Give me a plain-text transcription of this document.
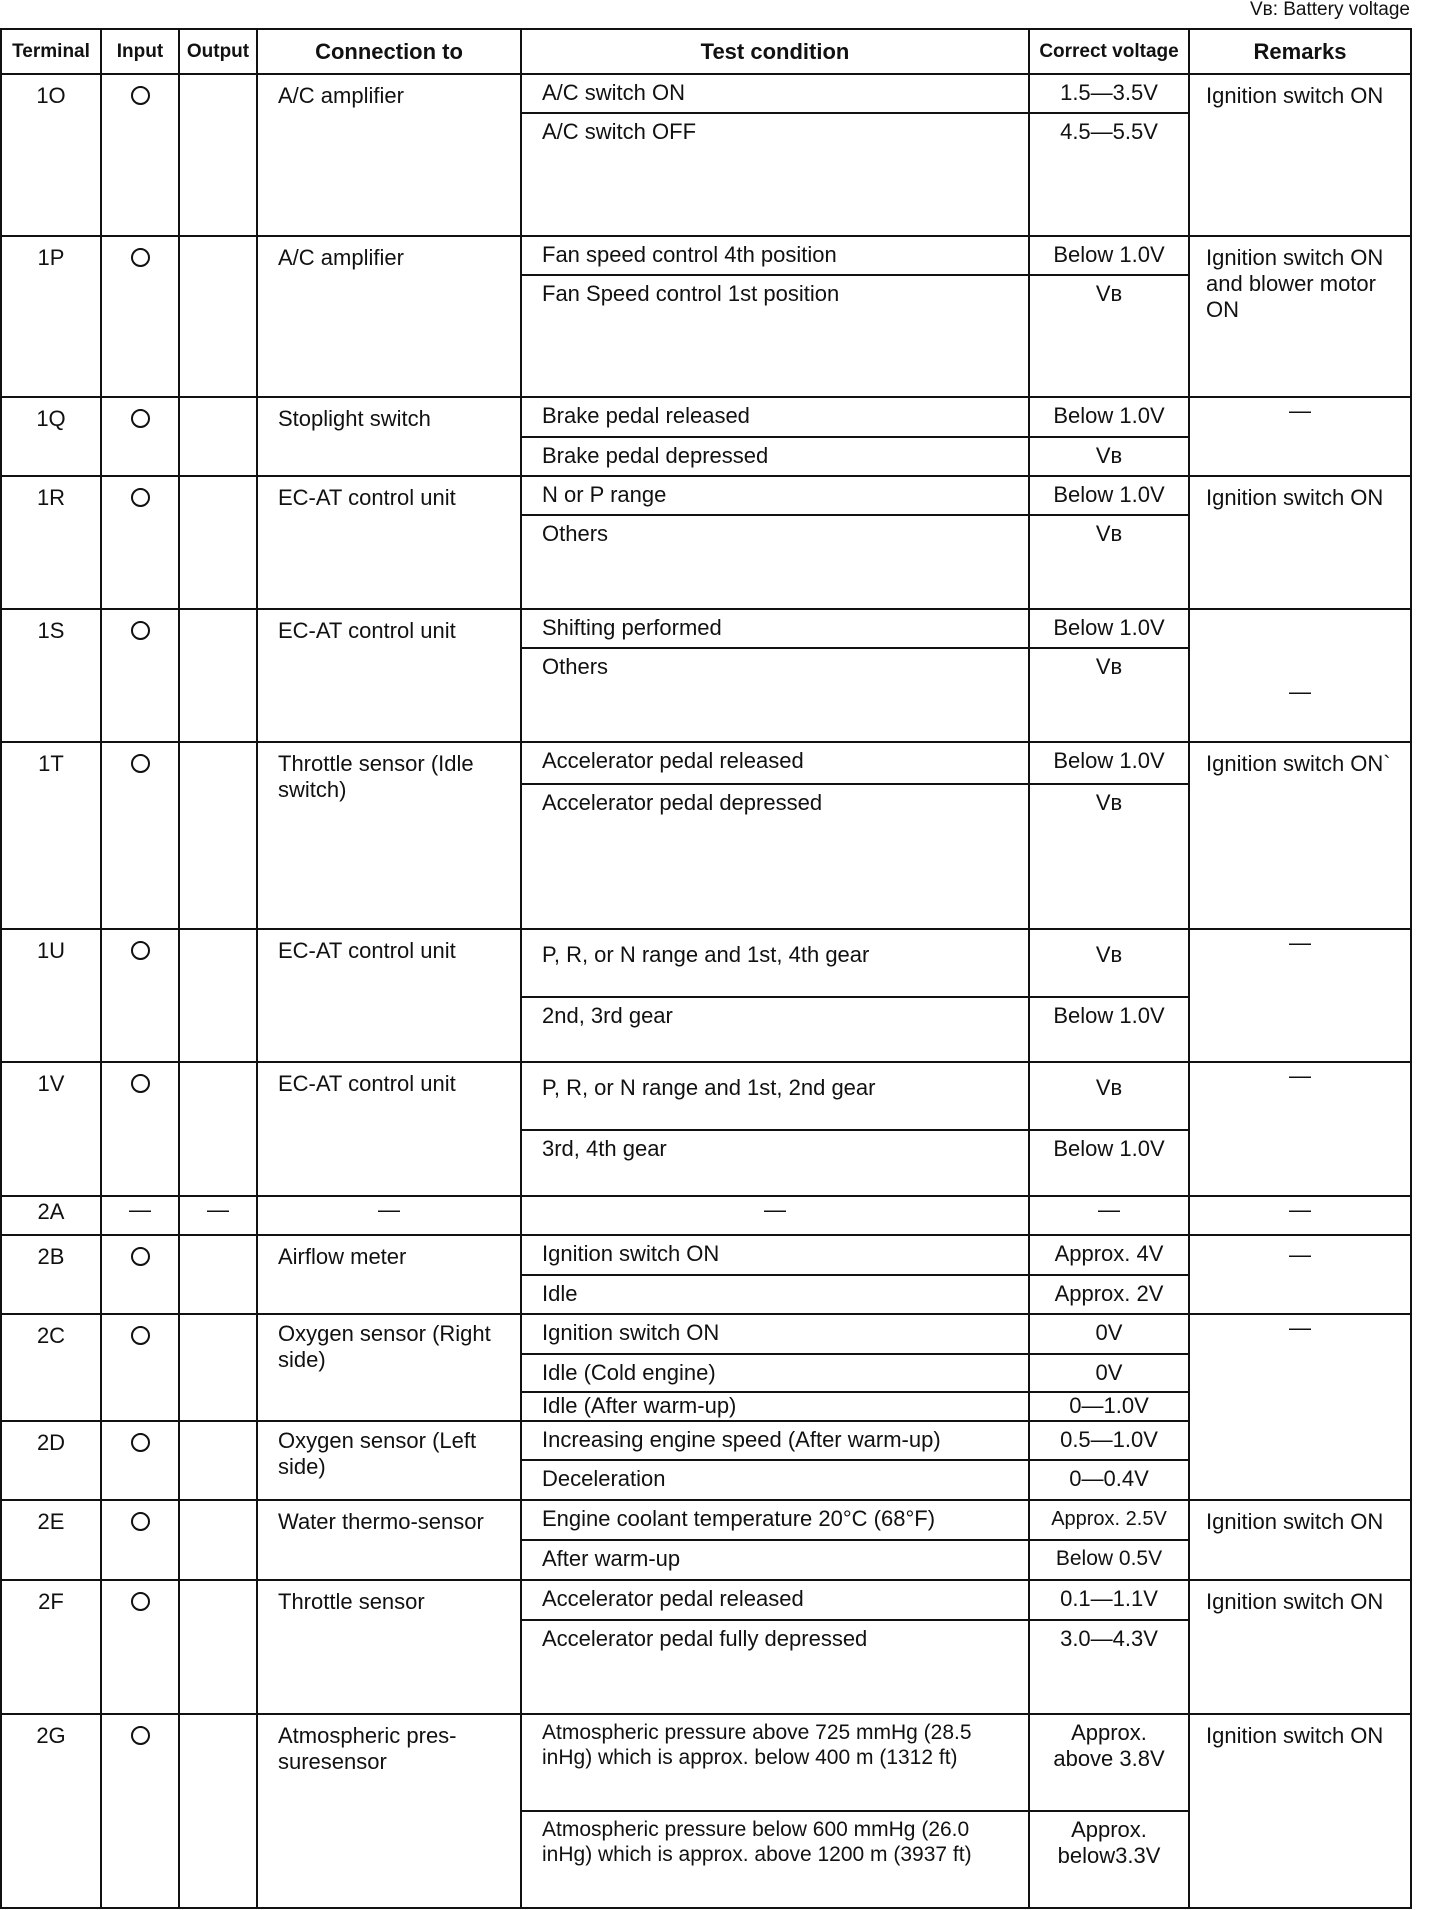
Vʙ: Battery voltage
Terminal	Input	Output	Connection to	Test condition	Correct voltage	Remarks
1O			A/C amplifier	A/C switch ON	1.5—3.5V	Ignition switch ON
				A/C switch OFF	4.5—5.5V	
1P			A/C amplifier	Fan speed control 4th position	Below 1.0V	Ignition switch ON and blower motor ON
				Fan Speed control 1st position	Vʙ	
1Q			Stoplight switch	Brake pedal released	Below 1.0V	—
				Brake pedal depressed	Vʙ	
1R			EC-AT control unit	N or P range	Below 1.0V	Ignition switch ON
				Others	Vʙ	
1S			EC-AT control unit	Shifting performed	Below 1.0V	—
				Others	Vʙ	
1T			Throttle sensor (Idle switch)	Accelerator pedal released	Below 1.0V	Ignition switch ON`
				Accelerator pedal depressed	Vʙ	
1U			EC-AT control unit	P, R, or N range and 1st, 4th gear	Vʙ	—
				2nd, 3rd gear	Below 1.0V	
1V			EC-AT control unit	P, R, or N range and 1st, 2nd gear	Vʙ	—
				3rd, 4th gear	Below 1.0V	
2A	—	—	—	—	—	—
2B			Airflow meter	Ignition switch ON	Approx. 4V	—
				Idle	Approx. 2V	
2C			Oxygen sensor (Right side)	Ignition switch ON	0V	—
				Idle (Cold engine)	0V	
				Idle (After warm-up)	0—1.0V	
2D			Oxygen sensor (Left side)	Increasing engine speed (After warm-up)	0.5—1.0V	
				Deceleration	0—0.4V	
2E			Water thermo-sensor	Engine coolant temperature 20°C (68°F)	Approx. 2.5V	Ignition switch ON
				After warm-up	Below 0.5V	
2F			Throttle sensor	Accelerator pedal released	0.1—1.1V	Ignition switch ON
				Accelerator pedal fully depressed	3.0—4.3V	
2G			Atmospheric pres-suresensor	Atmospheric pressure above 725 mmHg (28.5 inHg) which is approx. below 400 m (1312 ft)	Approx. above 3.8V	Ignition switch ON
				Atmospheric pressure below 600 mmHg (26.0 inHg) which is approx. above 1200 m (3937 ft)	Approx. below3.3V	
